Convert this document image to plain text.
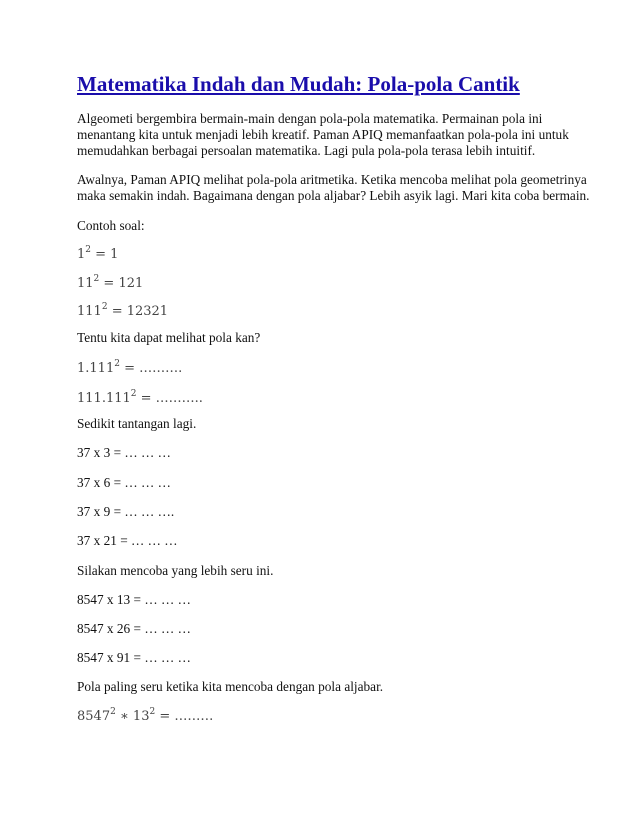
Matematika Indah dan Mudah: Pola-pola Cantik
Algeometi bergembira bermain-main dengan pola-pola matematika. Permainan pola ini
menantang kita untuk menjadi lebih kreatif. Paman APIQ memanfaatkan pola-pola ini untuk
memudahkan berbagai persoalan matematika. Lagi pula pola-pola terasa lebih intuitif.
Awalnya, Paman APIQ melihat pola-pola aritmetika. Ketika mencoba melihat pola geometrinya
maka semakin indah. Bagaimana dengan pola aljabar? Lebih asyik lagi. Mari kita coba bermain.
Contoh soal:
$1^2 = 1$
$11^2 = 121$
$111^2 = 12321$
Tentu kita dapat melihat pola kan?
$1.111^2$ = ……….
$111.111^2$ = ………..
Sedikit tantangan lagi.
37 x 3 = … … …
37 x 6 = … … …
37 x 9 = … … ….
37 x 21 = … … …
Silakan mencoba yang lebih seru ini.
8547 x 13 = … … …
8547 x 26 = … … …
8547 x 91 = … … …
Pola paling seru ketika kita mencoba dengan pola aljabar.
8547$^2$ ∗ $13^2$ = ………
